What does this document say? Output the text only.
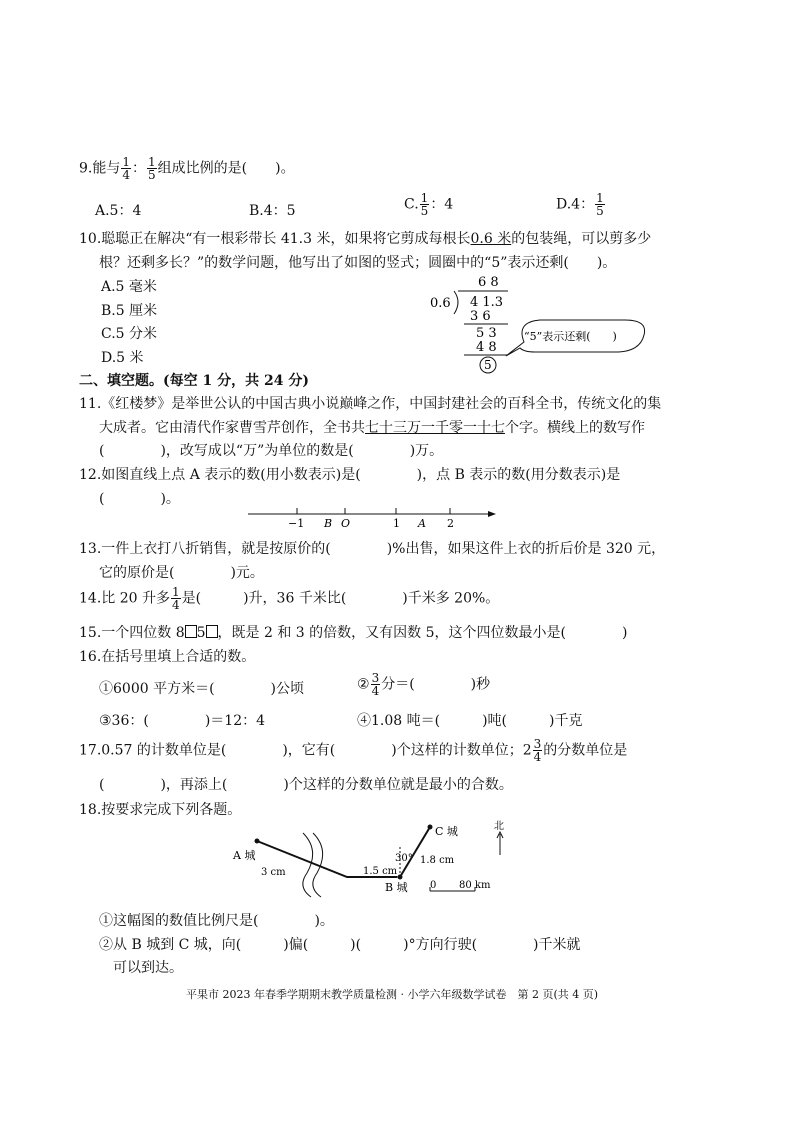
9.能与 $\frac{1}{4}$ ： $\frac{1}{5}$ 组成比例的是(　　)。
A.5：4	B.4：5	C. $\frac{1}{5}$ ：4	D.4： $\frac{1}{5}$
10.聪聪正在解决“有一根彩带长 41.3 米，如果将它剪成每根长0.6 米的包装绳，可以剪多少
根？还剩多长？”的数学问题，他写出了如图的竖式；圆圈中的“5”表示还剩(　　)。
A.5 毫米
B.5 厘米
C.5 分米
D.5 米
6 8
0.6 4 1.3
3 6
5 3
4 8
5
“5”表示还剩(　　)
二、填空题。(每空 1 分，共 24 分)
11.《红楼梦》是举世公认的中国古典小说巅峰之作，中国封建社会的百科全书，传统文化的集
大成者。它由清代作家曹雪芹创作，全书共七十三万一千零一十七个字。横线上的数写作
(　　　　)，改写成以“万”为单位的数是(　　　　)万。
12.如图直线上点 A 表示的数(用小数表示)是(　　　　)，点 B 表示的数(用分数表示)是
(　　　　)。
−1 B O	1 A 2
13.一件上衣打八折销售，就是按原价的(　　　　)%出售，如果这件上衣的折后价是 320 元，
它的原价是(　　　　)元。
14.比 20 升多 $\frac{1}{4}$ 是(　　　)升，36 千米比(　　　　)千米多 20%。
15.一个四位数 8 5 ，既是 2 和 3 的倍数，又有因数 5，这个四位数最小是(　　　　)
16.在括号里填上合适的数。
①6000 平方米＝(　　　　)公顷	② $\frac{3}{4}$ 分＝(　　　　)秒
③36：(　　　　)＝12：4	④1.08 吨＝(　　　)吨(　　　)千克
17.0.57 的计数单位是(　　　　)，它有(　　　　)个这样的计数单位；$2 \frac{3}{4}$ 的分数单位是
(　　　　)，再添上(　　　　)个这样的分数单位就是最小的合数。
18.按要求完成下列各题。
A 城
B 城
C 城
3 cm	1.5 cm
1.8 cm
30°
北
0 80 km
①这幅图的数值比例尺是(　　　　)。
②从 B 城到 C 城，向(　　　)偏(　　　)(　　　)°方向行驶(　　　　)千米就
可以到达。
平果市 2023 年春季学期期末教学质量检测 · 小学六年级数学试卷　第 2 页(共 4 页)
